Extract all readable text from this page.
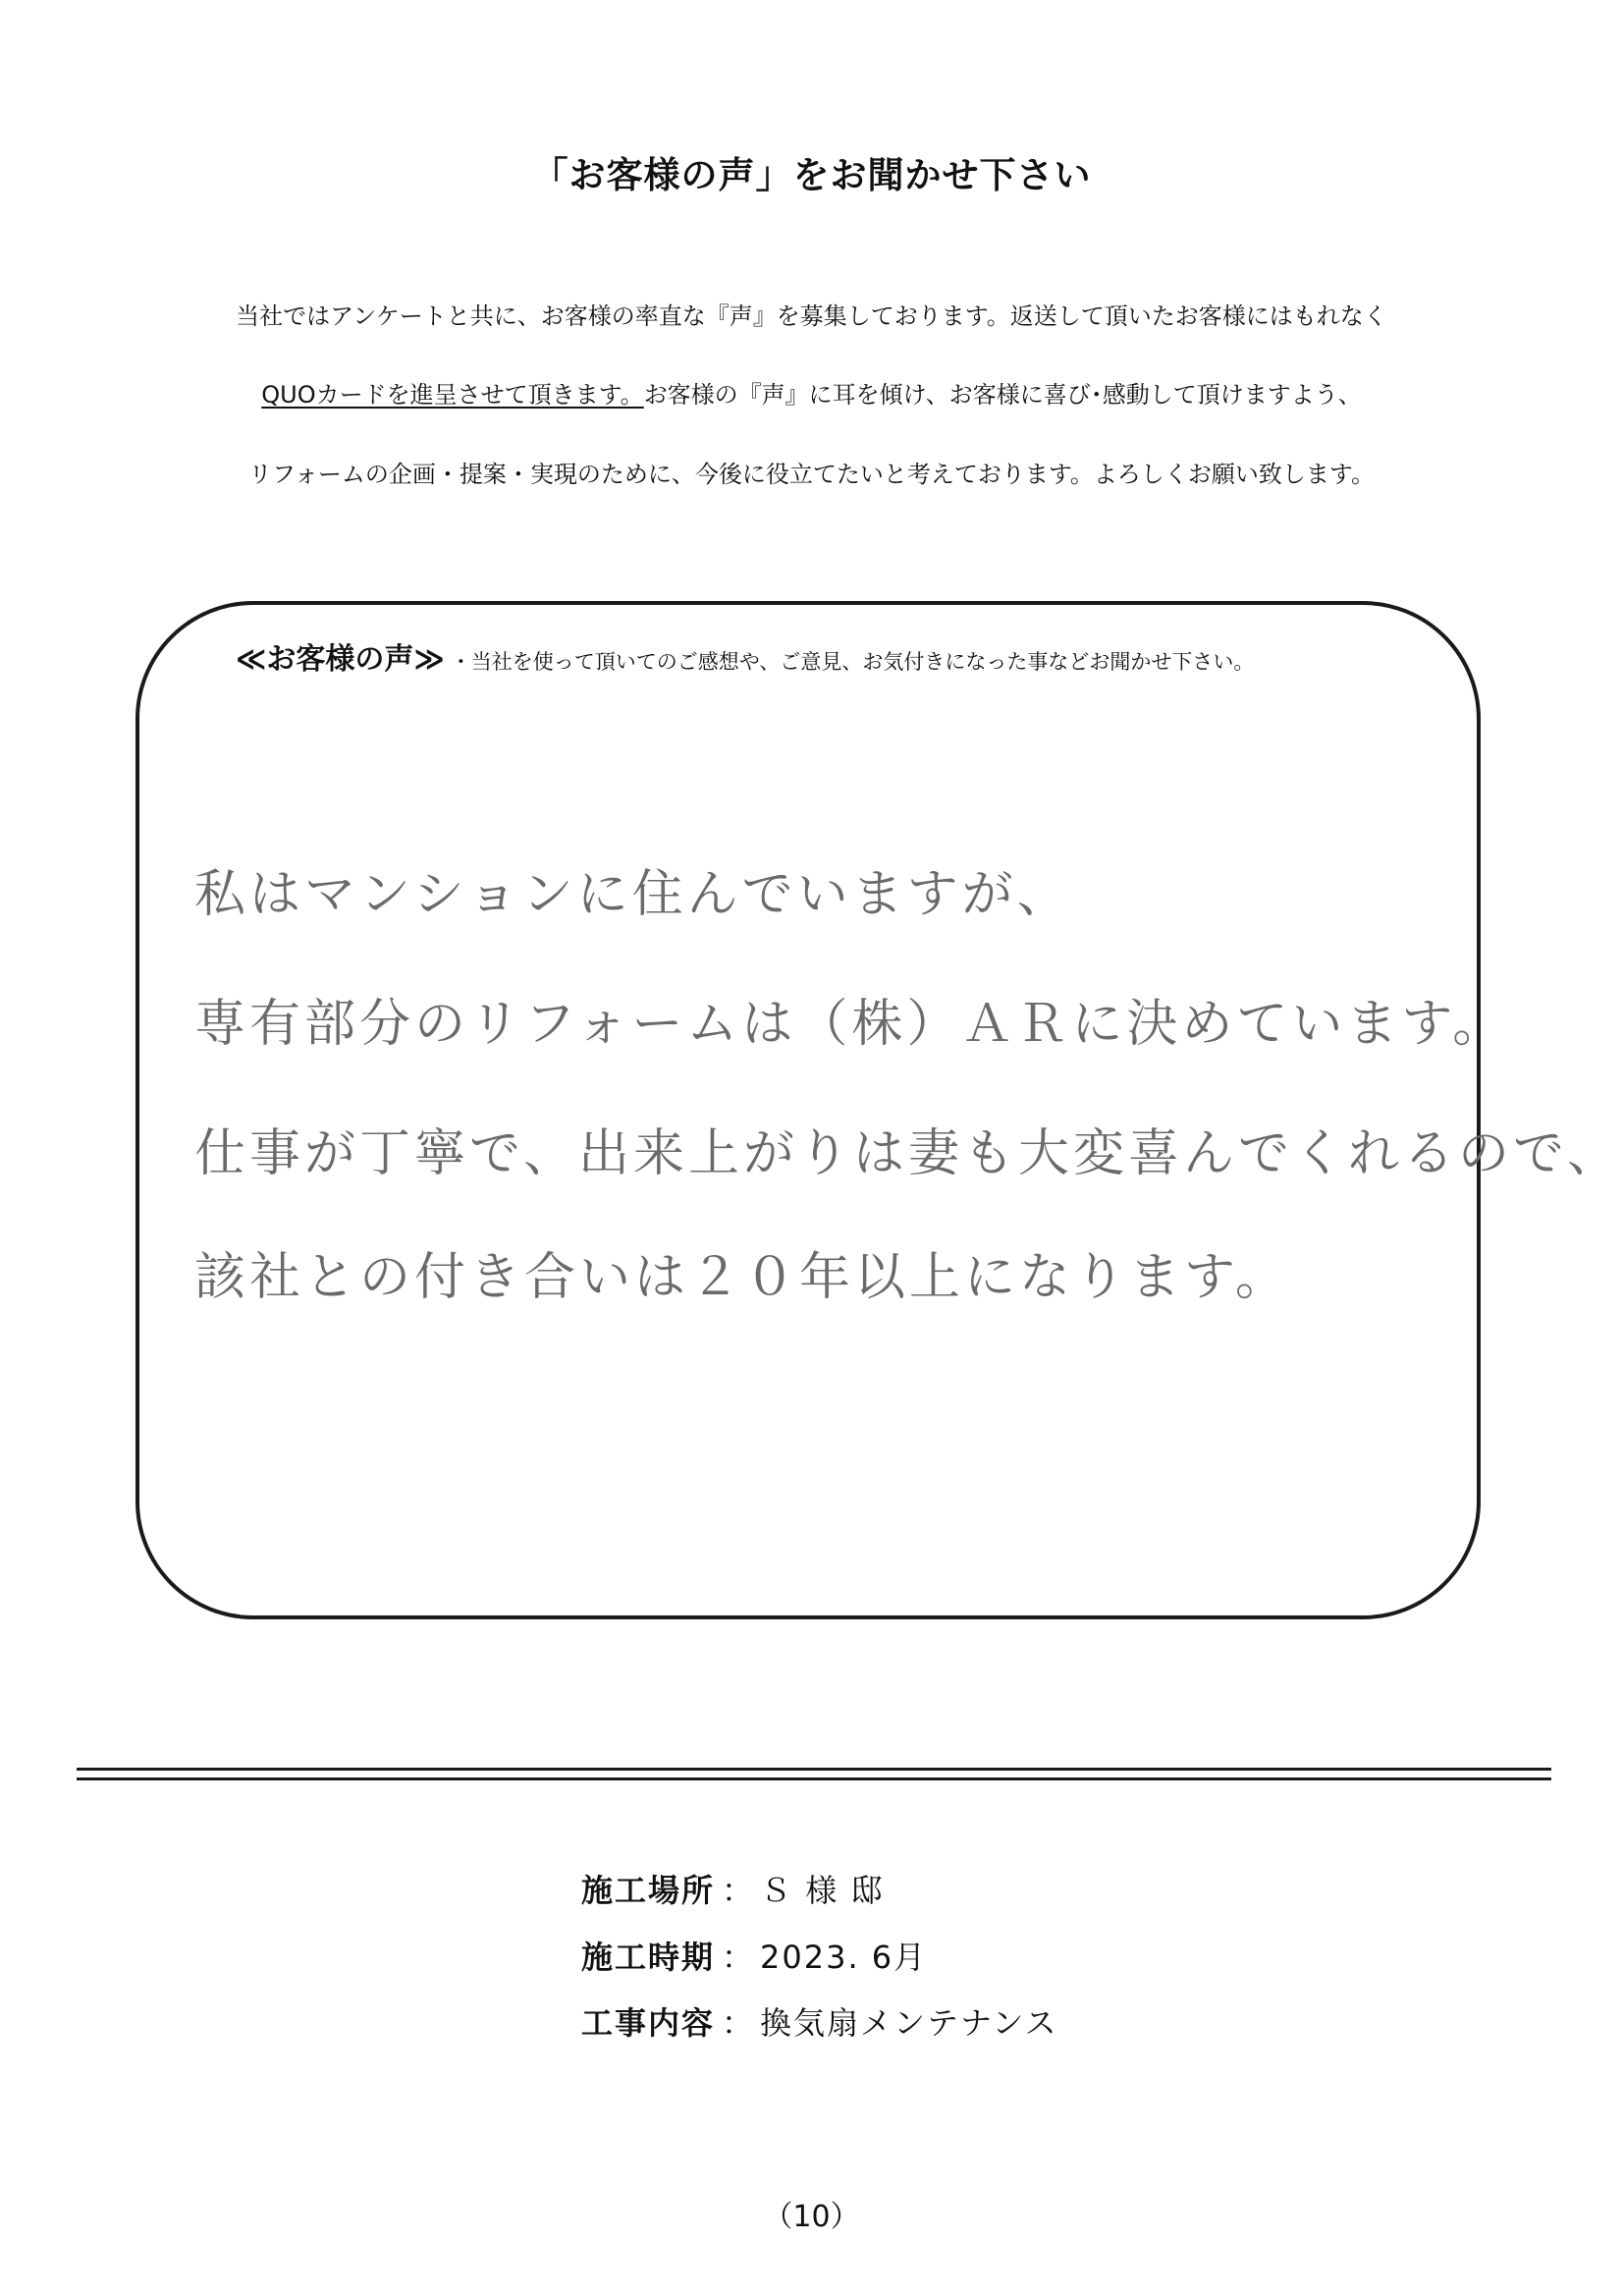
「お客様の声」をお聞かせ下さい

当社ではアンケートと共に、お客様の率直な『声』を募集しております。返送して頂いたお客様にはもれなく

QUOカードを進呈させて頂きます。お客様の『声』に耳を傾け、お客様に喜び･感動して頂けますよう、

リフォームの企画・提案・実現のために、今後に役立てたいと考えております。よろしくお願い致します。

≪お客様の声≫ ・当社を使って頂いてのご感想や、ご意見、お気付きになった事などお聞かせ下さい。

私はマンションに住んでいますが、

専有部分のリフォームは（株）ＡＲに決めています。

仕事が丁寧で、出来上がりは妻も大変喜んでくれるので、

該社との付き合いは２０年以上になります。

施工場所 ： Ｓ 様 邸
施工時期 ： 2023. 6月
工事内容 ： 換気扇メンテナンス
（10）
